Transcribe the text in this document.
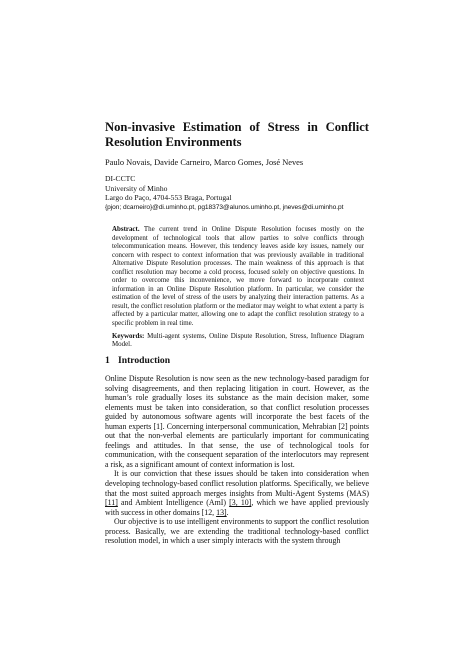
Non-invasive Estimation of Stress in Conflict Resolution Environments
Paulo Novais, Davide Carneiro, Marco Gomes, José Neves
DI-CCTC
University of Minho
Largo do Paço, 4704-553 Braga, Portugal
{pjon; dcarneiro}@di.uminho.pt, pg18373@alunos.uminho.pt, jneves@di.uminho.pt

Abstract. The current trend in Online Dispute Resolution focuses mostly on the development of technological tools that allow parties to solve conflicts through telecommunication means. However, this tendency leaves aside key issues, namely our concern with respect to context information that was previously available in traditional Alternative Dispute Resolution processes. The main weakness of this approach is that conflict resolution may become a cold process, focused solely on objective questions. In order to overcome this inconvenience, we move forward to incorporate context information in an Online Dispute Resolution platform. In particular, we consider the estimation of the level of stress of the users by analyzing their interaction patterns. As a result, the conflict resolution platform or the mediator may weight to what extent a party is affected by a particular matter, allowing one to adapt the conflict resolution strategy to a specific problem in real time.

Keywords: Multi-agent systems, Online Dispute Resolution, Stress, Influence Diagram Model.

1 Introduction

Online Dispute Resolution is now seen as the new technology-based paradigm for solving disagreements, and then replacing litigation in court. However, as the human’s role gradually loses its substance as the main decision maker, some elements must be taken into consideration, so that conflict resolution processes guided by autonomous software agents will incorporate the best facets of the human experts [1]. Concerning interpersonal communication, Mehrabian [2] points out that the non-verbal elements are particularly important for communicating feelings and attitudes. In that sense, the use of technological tools for communication, with the consequent separation of the interlocutors may represent a risk, as a significant amount of context information is lost.

It is our conviction that these issues should be taken into consideration when developing technology-based conflict resolution platforms. Specifically, we believe that the most suited approach merges insights from Multi-Agent Systems (MAS) [11] and Ambient Intelligence (AmI) [3, 10], which we have applied previously with success in other domains [12, 13].

Our objective is to use intelligent environments to support the conflict resolution process. Basically, we are extending the traditional technology-based conflict resolution model, in which a user simply interacts with the system through
